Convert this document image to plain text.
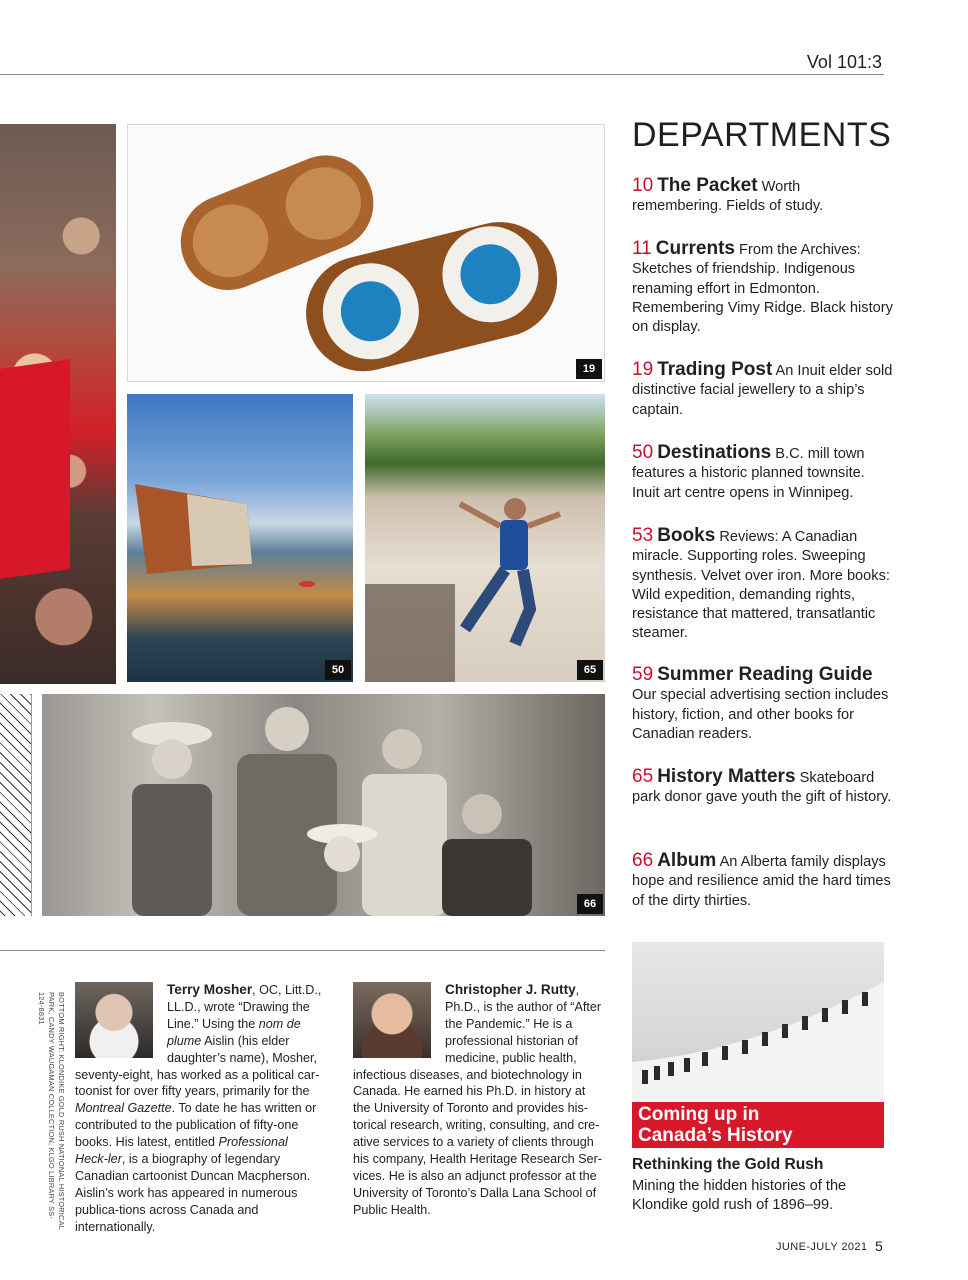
Vol 101:3
19
50	65
66
DEPARTMENTS
10 The Packet Worth remembering. Fields of study.
11 Currents From the Archives: Sketches of friendship. Indigenous renaming effort in Edmonton. Remembering Vimy Ridge. Black history on display.
19 Trading Post An Inuit elder sold distinctive facial jewellery to a ship’s captain.
50 Destinations B.C. mill town features a historic planned townsite. Inuit art centre opens in Winnipeg.
53 Books Reviews: A Canadian miracle. Supporting roles. Sweeping synthesis. Velvet over iron. More books: Wild expedition, demanding rights, resistance that mattered, transatlantic steamer.
59 Summer Reading Guide Our special advertising section includes history, fiction, and other books for Canadian readers.
65 History Matters Skateboard park donor gave youth the gift of history.
66 Album An Alberta family displays hope and resilience amid the hard times of the dirty thirties.
BOTTOM RIGHT: KLONDIKE GOLD RUSH NATIONAL HISTORICAL PARK, CANDY WAUGAMAN COLLECTION, KLGO LIBRARY SS-124-8831
Terry Mosher, OC, Litt.D., LL.D., wrote “Drawing the Line.” Using the nom de plume Aislin (his elder daughter’s name), Mosher, seventy-eight, has worked as a political car-toonist for over fifty years, primarily for the Montreal Gazette. To date he has written or contributed to the publication of fifty-one books. His latest, entitled Professional Heck-ler, is a biography of legendary Canadian cartoonist Duncan Macpherson. Aislin’s work has appeared in numerous publica-tions across Canada and internationally.
Christopher J. Rutty, Ph.D., is the author of “After the Pandemic.” He is a professional historian of medicine, public health, infectious diseases, and biotechnology in Canada. He earned his Ph.D. in history at the University of Toronto and provides his-torical research, writing, consulting, and cre-ative services to a variety of clients through his company, Health Heritage Research Ser-vices. He is also an adjunct professor at the University of Toronto’s Dalla Lana School of Public Health.
Coming up in
Canada’s History
Rethinking the Gold Rush
Mining the hidden histories of the Klondike gold rush of 1896–99.
JUNE-JULY 2021 5
